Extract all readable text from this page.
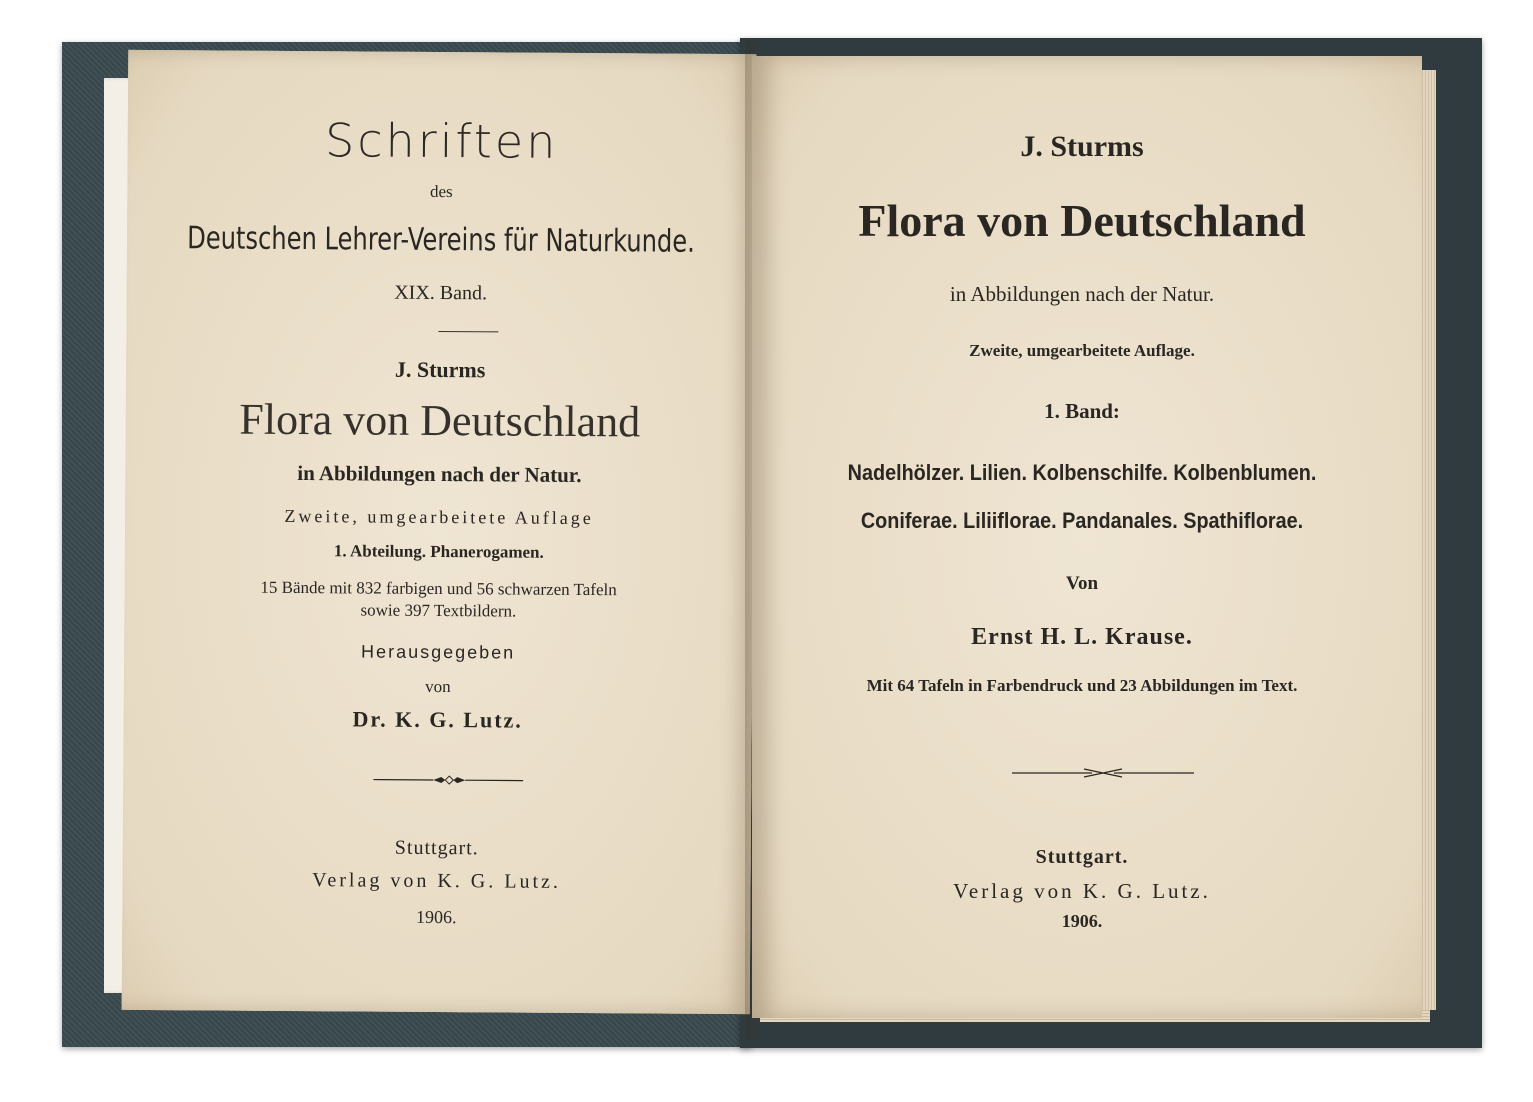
Schriften
des
Deutschen Lehrer-Vereins für Naturkunde.
XIX. Band.
J. Sturms
Flora von Deutschland
in Abbildungen nach der Natur.
Zweite, umgearbeitete Auflage
1. Abteilung. Phanerogamen.
15 Bände mit 832 farbigen und 56 schwarzen Tafeln
sowie 397 Textbildern.
Herausgegeben
von
Dr. K. G. Lutz.
Stuttgart.
Verlag von K. G. Lutz.
1906.
J. Sturms
Flora von Deutschland
in Abbildungen nach der Natur.
Zweite, umgearbeitete Auflage.
1. Band:
Nadelhölzer. Lilien. Kolbenschilfe. Kolbenblumen.
Coniferae. Liliiflorae. Pandanales. Spathiflorae.
Von
Ernst H. L. Krause.
Mit 64 Tafeln in Farbendruck und 23 Abbildungen im Text.
Stuttgart.
Verlag von K. G. Lutz.
1906.
